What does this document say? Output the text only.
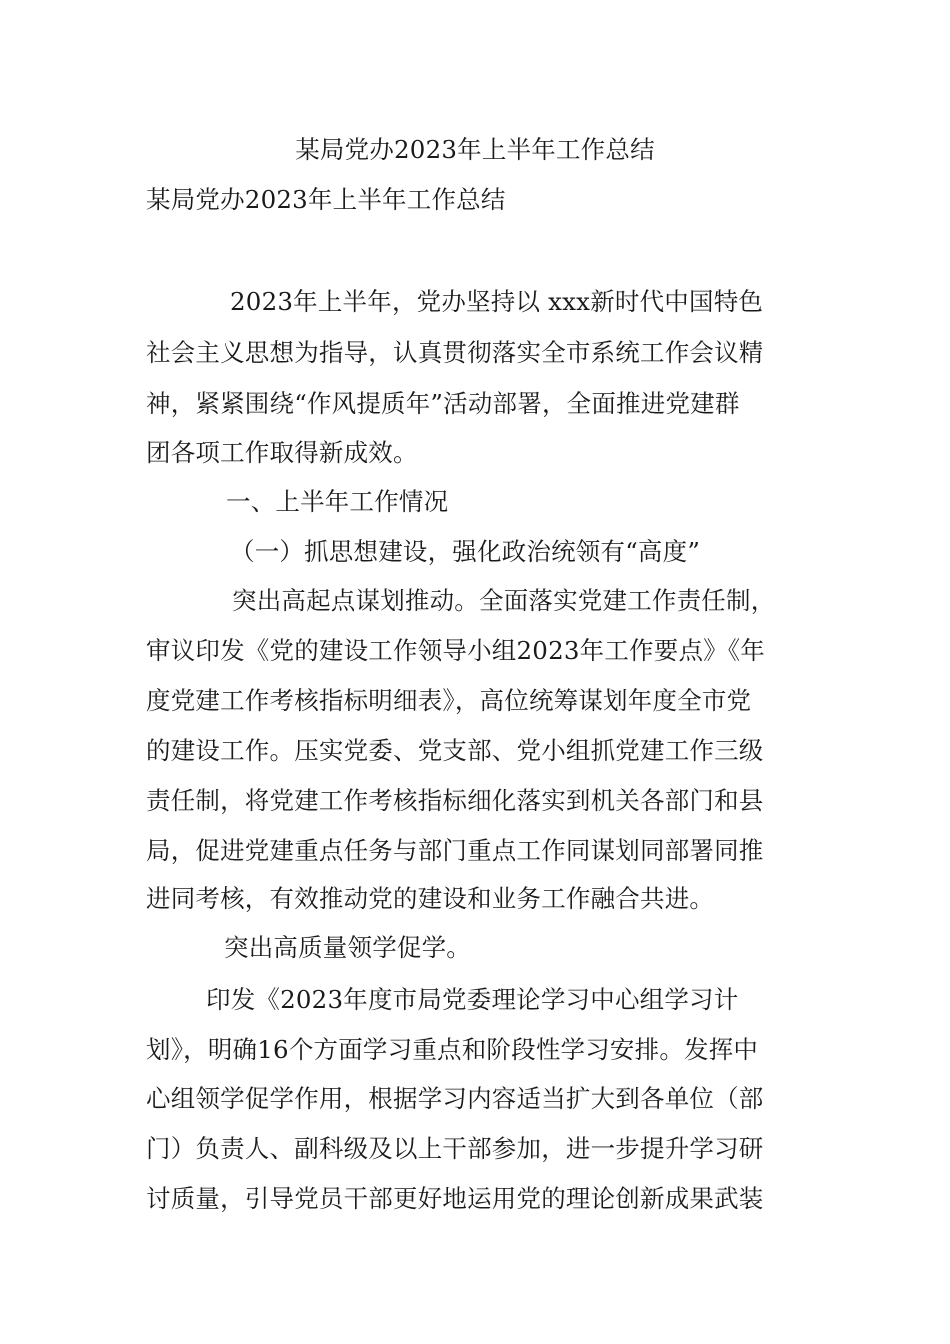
某局党办2023年上半年工作总结
某局党办2023年上半年工作总结
2023年上半年，党办坚持以 xxx新时代中国特色
社会主义思想为指导，认真贯彻落实全市系统工作会议精
神，紧紧围绕“作风提质年”活动部署，全面推进党建群
团各项工作取得新成效。
一、上半年工作情况
（一）抓思想建设，强化政治统领有“高度”
突出高起点谋划推动。全面落实党建工作责任制，
审议印发《党的建设工作领导小组2023年工作要点》《年
度党建工作考核指标明细表》，高位统筹谋划年度全市党
的建设工作。压实党委、党支部、党小组抓党建工作三级
责任制，将党建工作考核指标细化落实到机关各部门和县
局，促进党建重点任务与部门重点工作同谋划同部署同推
进同考核，有效推动党的建设和业务工作融合共进。
突出高质量领学促学。
印发《2023年度市局党委理论学习中心组学习计
划》，明确16个方面学习重点和阶段性学习安排。发挥中
心组领学促学作用，根据学习内容适当扩大到各单位（部
门）负责人、副科级及以上干部参加，进一步提升学习研
讨质量，引导党员干部更好地运用党的理论创新成果武装
